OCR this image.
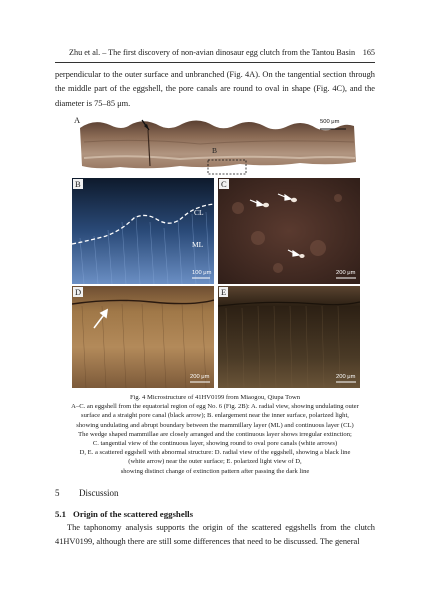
Zhu et al. – The first discovery of non-avian dinosaur egg clutch from the Tantou Basin 165
perpendicular to the outer surface and unbranched (Fig. 4A). On the tangential section through the middle part of the eggshell, the pore canals are round to oval in shape (Fig. 4C), and the diameter is 75–85 μm.
A	500 μm
B
B
CL
ML
100 μm
C
200 μm
D
200 μm
E
200 μm
Fig. 4 Microstructure of 41HV0199 from Miaogou, Qiupa Town
A–C. an eggshell from the equatorial region of egg No. 6 (Fig. 2B): A. radial view, showing undulating outer
surface and a straight pore canal (black arrow); B. enlargement near the inner surface, polarized light,
showing undulating and abrupt boundary between the mammillary layer (ML) and continuous layer (CL)
The wedge shaped mammillae are closely arranged and the continuous layer shows irregular extinction;
C. tangential view of the continuous layer, showing round to oval pore canals (white arrows)
D, E. a scattered eggshell with abnormal structure: D. radial view of the eggshell, showing a black line
(white arrow) near the outer surface; E. polarized light view of D,
showing distinct change of extinction pattern after passing the dark line
5 Discussion
5.1 Origin of the scattered eggshells
The taphonomy analysis supports the origin of the scattered eggshells from the clutch 41HV0199, although there are still some differences that need to be discussed. The general
